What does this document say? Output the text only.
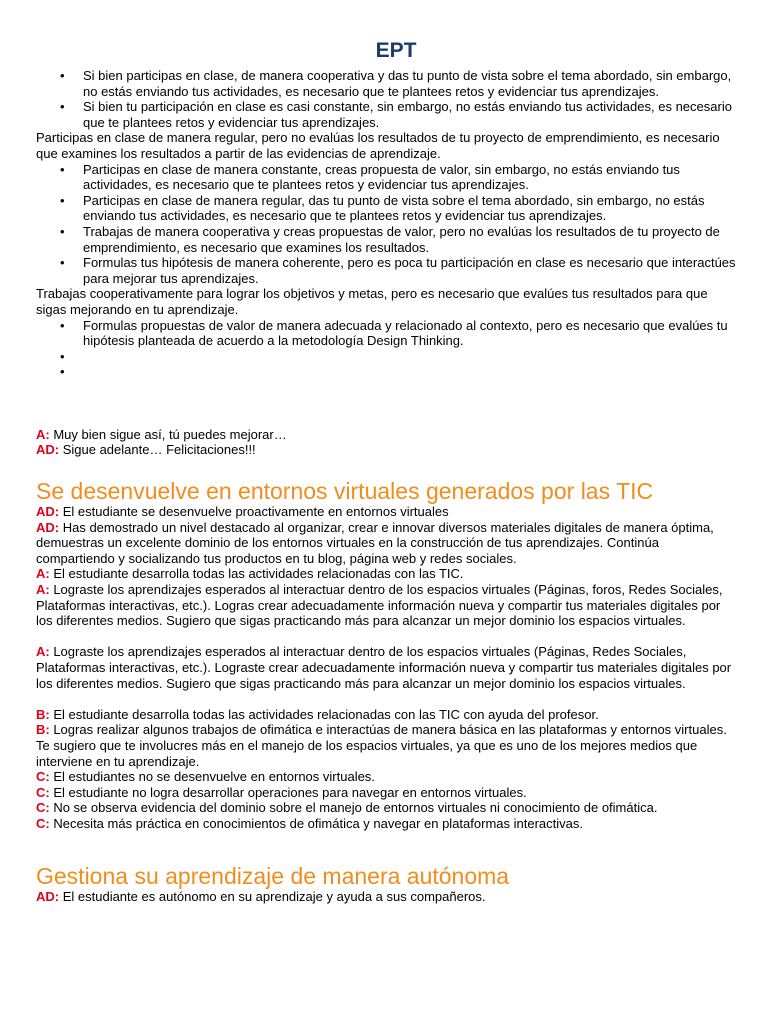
EPT
• Si bien participas en clase, de manera cooperativa y das tu punto de vista sobre el tema abordado, sin embargo, no estás enviando tus actividades, es necesario que te plantees retos y evidenciar tus aprendizajes.
• Si bien tu participación en clase es casi constante, sin embargo, no estás enviando tus actividades, es necesario que te plantees retos y evidenciar tus aprendizajes.

Participas en clase de manera regular, pero no evalúas los resultados de tu proyecto de emprendimiento, es necesario que examines los resultados a partir de las evidencias de aprendizaje.

• Participas en clase de manera constante, creas propuesta de valor, sin embargo, no estás enviando tus actividades, es necesario que te plantees retos y evidenciar tus aprendizajes.
• Participas en clase de manera regular, das tu punto de vista sobre el tema abordado, sin embargo, no estás enviando tus actividades, es necesario que te plantees retos y evidenciar tus aprendizajes.
• Trabajas de manera cooperativa y creas propuestas de valor, pero no evalúas los resultados de tu proyecto de emprendimiento, es necesario que examines los resultados.
• Formulas tus hipótesis de manera coherente, pero es poca tu participación en clase es necesario que interactúes para mejorar tus aprendizajes.

Trabajas cooperativamente para lograr los objetivos y metas, pero es necesario que evalúes tus resultados para que sigas mejorando en tu aprendizaje.

• Formulas propuestas de valor de manera adecuada y relacionado al contexto, pero es necesario que evalúes tu hipótesis planteada de acuerdo a la metodología Design Thinking.
•
•

A: Muy bien sigue así, tú puedes mejorar…

AD: Sigue adelante… Felicitaciones!!!

Se desenvuelve en entornos virtuales generados por las TIC

AD: El estudiante se desenvuelve proactivamente en entornos virtuales

AD: Has demostrado un nivel destacado al organizar, crear e innovar diversos materiales digitales de manera óptima, demuestras un excelente dominio de los entornos virtuales en la construcción de tus aprendizajes. Continúa compartiendo y socializando tus productos en tu blog, página web y redes sociales.

A: El estudiante desarrolla todas las actividades relacionadas con las TIC.

A: Lograste los aprendizajes esperados al interactuar dentro de los espacios virtuales (Páginas, foros, Redes Sociales, Plataformas interactivas, etc.). Logras crear adecuadamente información nueva y compartir tus materiales digitales por los diferentes medios. Sugiero que sigas practicando más para alcanzar un mejor dominio los espacios virtuales.

A: Lograste los aprendizajes esperados al interactuar dentro de los espacios virtuales (Páginas, Redes Sociales, Plataformas interactivas, etc.). Lograste crear adecuadamente información nueva y compartir tus materiales digitales por los diferentes medios. Sugiero que sigas practicando más para alcanzar un mejor dominio los espacios virtuales.

B: El estudiante desarrolla todas las actividades relacionadas con las TIC con ayuda del profesor.

B: Logras realizar algunos trabajos de ofimática e interactúas de manera básica en las plataformas y entornos virtuales. Te sugiero que te involucres más en el manejo de los espacios virtuales, ya que es uno de los mejores medios que interviene en tu aprendizaje.

C: El estudiantes no se desenvuelve en entornos virtuales.

C: El estudiante no logra desarrollar operaciones para navegar en entornos virtuales.

C: No se observa evidencia del dominio sobre el manejo de entornos virtuales ni conocimiento de ofimática.

C: Necesita más práctica en conocimientos de ofimática y navegar en plataformas interactivas.

Gestiona su aprendizaje de manera autónoma

AD: El estudiante es autónomo en su aprendizaje y ayuda a sus compañeros.
